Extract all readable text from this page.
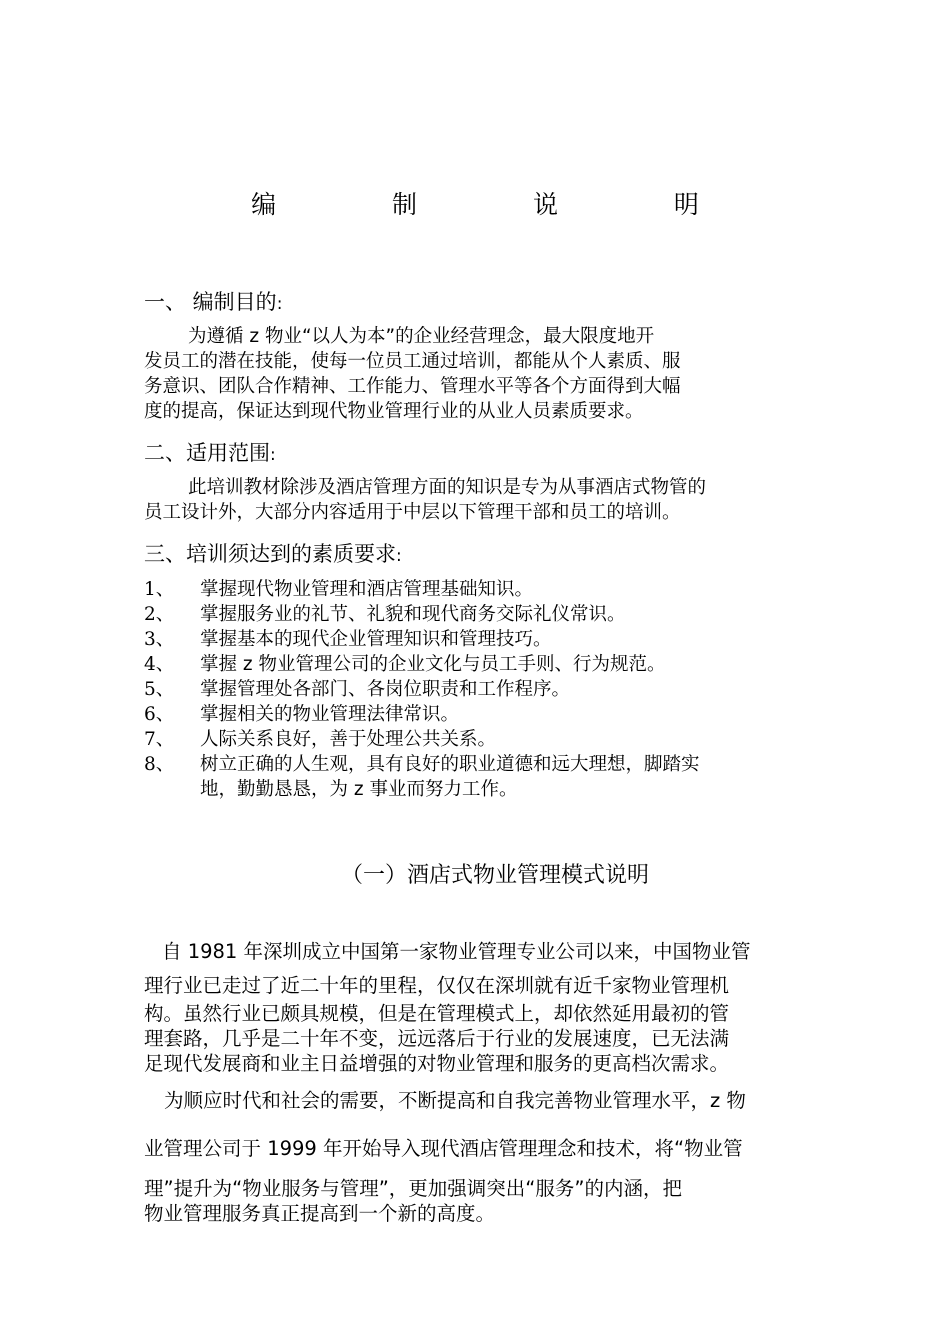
编 制 说 明
一、 编制目的:
为遵循 z 物业“以人为本”的企业经营理念，最大限度地开
发员工的潜在技能，使每一位员工通过培训，都能从个人素质、服
务意识、团队合作精神、工作能力、管理水平等各个方面得到大幅
度的提高，保证达到现代物业管理行业的从业人员素质要求。
二、适用范围:
此培训教材除涉及酒店管理方面的知识是专为从事酒店式物管的
员工设计外，大部分内容适用于中层以下管理干部和员工的培训。
三、培训须达到的素质要求:
1、 掌握现代物业管理和酒店管理基础知识。
2、 掌握服务业的礼节、礼貌和现代商务交际礼仪常识。
3、 掌握基本的现代企业管理知识和管理技巧。
4、 掌握 z 物业管理公司的企业文化与员工手则、行为规范。
5、 掌握管理处各部门、各岗位职责和工作程序。
6、 掌握相关的物业管理法律常识。
7、 人际关系良好，善于处理公共关系。
8、 树立正确的人生观，具有良好的职业道德和远大理想，脚踏实
地，勤勤恳恳，为 z 事业而努力工作。
（一）酒店式物业管理模式说明
自 1981 年深圳成立中国第一家物业管理专业公司以来，中国物业管
理行业已走过了近二十年的里程，仅仅在深圳就有近千家物业管理机
构。虽然行业已颇具规模，但是在管理模式上，却依然延用最初的管
理套路，几乎是二十年不变，远远落后于行业的发展速度，已无法满
足现代发展商和业主日益增强的对物业管理和服务的更高档次需求。
为顺应时代和社会的需要，不断提高和自我完善物业管理水平，z 物
业管理公司于 1999 年开始导入现代酒店管理理念和技术，将“物业管
理”提升为“物业服务与管理”，更加强调突出“服务”的内涵，把
物业管理服务真正提高到一个新的高度。
